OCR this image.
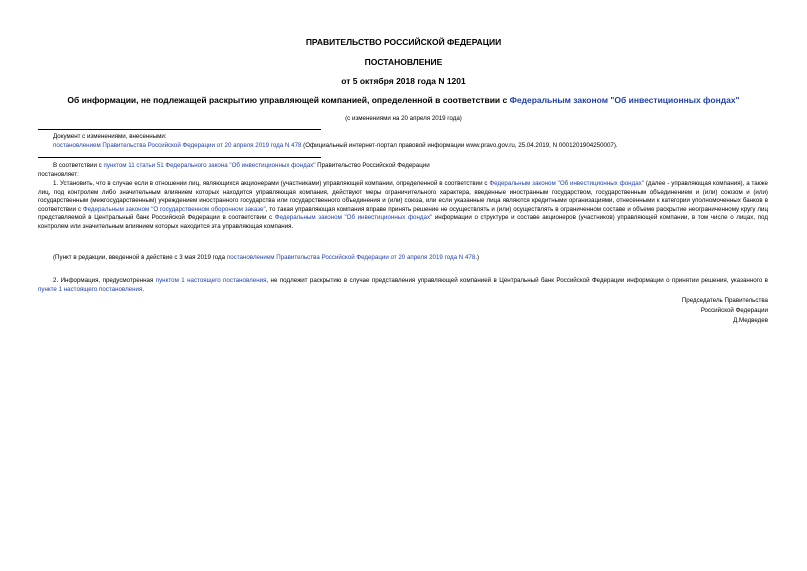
ПРАВИТЕЛЬСТВО РОССИЙСКОЙ ФЕДЕРАЦИИ
ПОСТАНОВЛЕНИЕ
от 5 октября 2018 года N 1201
Об информации, не подлежащей раскрытию управляющей компанией, определенной в соответствии с Федеральным законом "Об инвестиционных фондах"
(с изменениями на 20 апреля 2019 года)
Документ с изменениями, внесенными:
постановлением Правительства Российской Федерации от 20 апреля 2019 года N 478 (Официальный интернет-портал правовой информации www.pravo.gov.ru, 25.04.2019, N 0001201904250007).
В соответствии с пунктом 11 статьи 51 Федерального закона "Об инвестиционных фондах" Правительство Российской Федерации
постановляет:
1. Установить, что в случае если в отношении лиц, являющихся акционерами (участниками) управляющей компании, определенной в соответствии с Федеральным законом "Об инвестиционных фондах" (далее - управляющая компания), а также лиц, под контролем либо значительным влиянием которых находится управляющая компания, действуют меры ограничительного характера, введенные иностранным государством, государственным объединением и (или) союзом и (или) государственным (межгосударственным) учреждением иностранного государства или государственного объединения и (или) союза, или если указанные лица являются кредитными организациями, отнесенными к категории уполномоченных банков в соответствии с Федеральным законом "О государственном оборонном заказе", то такая управляющая компания вправе принять решение не осуществлять и (или) осуществлять в ограниченном составе и объеме раскрытие неограниченному кругу лиц представляемой в Центральный банк Российской Федерации в соответствии с Федеральным законом "Об инвестиционных фондах" информации о структуре и составе акционеров (участников) управляющей компании, в том числе о лицах, под контролем или значительным влиянием которых находится эта управляющая компания.
(Пункт в редакции, введенной в действие с 3 мая 2019 года постановлением Правительства Российской Федерации от 20 апреля 2019 года N 478.)
2. Информация, предусмотренная пунктом 1 настоящего постановления, не подлежит раскрытию в случае представления управляющей компанией в Центральный банк Российской Федерации информации о принятии решения, указанного в пункте 1 настоящего постановления.
Председатель Правительства
Российской Федерации
Д.Медведев
